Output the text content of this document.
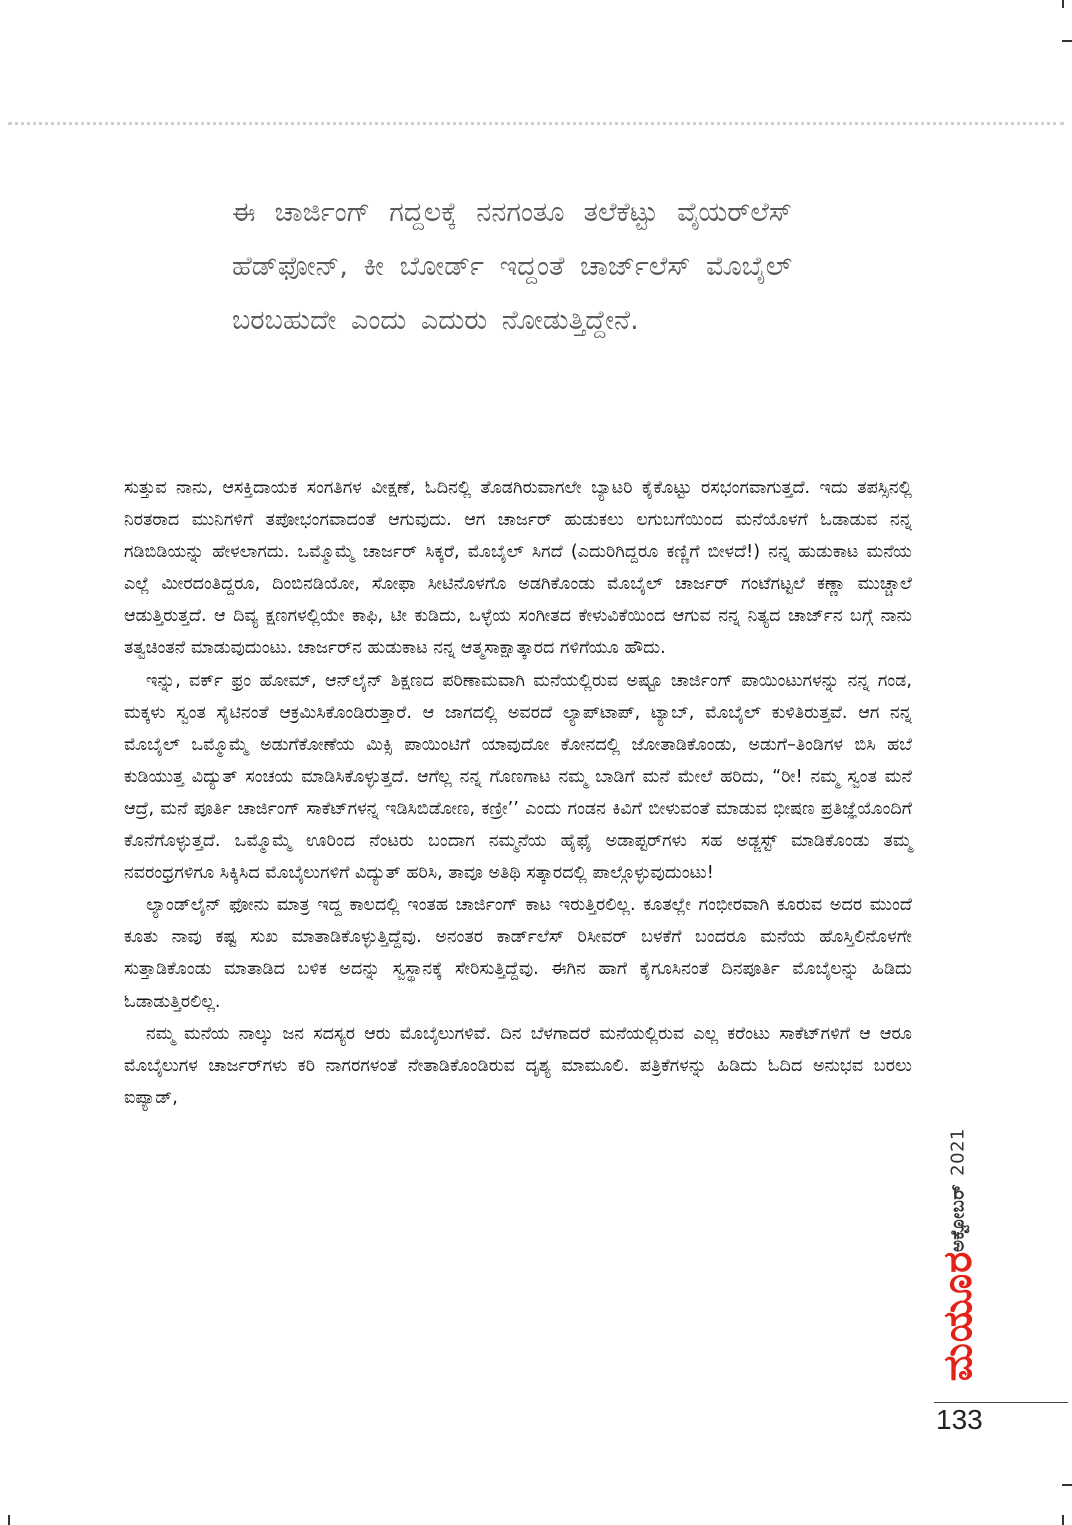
ಈ ಚಾರ್ಜಿಂಗ್ ಗದ್ದಲಕ್ಕೆ ನನಗಂತೂ ತಲೆಕೆಟ್ಟು ವೈಯರ್‌ಲೆಸ್ ಹೆಡ್‌ಫೋನ್, ಕೀ ಬೋರ್ಡ್ ಇದ್ದಂತೆ ಚಾರ್ಜ್‌ಲೆಸ್ ಮೊಬೈಲ್ ಬರಬಹುದೇ ಎಂದು ಎದುರು ನೋಡುತ್ತಿದ್ದೇನೆ.

ಸುತ್ತುವ ನಾನು, ಆಸಕ್ತಿದಾಯಕ ಸಂಗತಿಗಳ ವೀಕ್ಷಣೆ, ಓದಿನಲ್ಲಿ ತೊಡಗಿರುವಾಗಲೇ ಬ್ಯಾಟರಿ ಕೈಕೊಟ್ಟು ರಸಭಂಗವಾಗುತ್ತದೆ. ಇದು ತಪಸ್ಸಿನಲ್ಲಿ ನಿರತರಾದ ಮುನಿಗಳಿಗೆ ತಪೋಭಂಗವಾದಂತೆ ಆಗುವುದು. ಆಗ ಚಾರ್ಜರ್ ಹುಡುಕಲು ಲಗುಬಗೆಯಿಂದ ಮನೆಯೊಳಗೆ ಓಡಾಡುವ ನನ್ನ ಗಡಿಬಿಡಿಯನ್ನು ಹೇಳಲಾಗದು. ಒಮ್ಮೊಮ್ಮೆ ಚಾರ್ಜರ್ ಸಿಕ್ಕರೆ, ಮೊಬೈಲ್ ಸಿಗದೆ (ಎದುರಿಗಿದ್ದರೂ ಕಣ್ಣಿಗೆ ಬೀಳದೆ!) ನನ್ನ ಹುಡುಕಾಟ ಮನೆಯ ಎಲ್ಲೆ ಮೀರದಂತಿದ್ದರೂ, ದಿಂಬಿನಡಿಯೋ, ಸೋಫಾ ಸೀಟಿನೊಳಗೊ ಅಡಗಿಕೊಂಡು ಮೊಬೈಲ್ ಚಾರ್ಜರ್ ಗಂಟೆಗಟ್ಟಲೆ ಕಣ್ಣಾ ಮುಚ್ಚಾಲೆ ಆಡುತ್ತಿರುತ್ತದೆ. ಆ ದಿವ್ಯ ಕ್ಷಣಗಳಲ್ಲಿಯೇ ಕಾಫಿ, ಟೀ ಕುಡಿದು, ಒಳ್ಳೆಯ ಸಂಗೀತದ ಕೇಳುವಿಕೆಯಿಂದ ಆಗುವ ನನ್ನ ನಿತ್ಯದ ಚಾರ್ಜ್‌ನ ಬಗ್ಗೆ ನಾನು ತತ್ವಚಿಂತನೆ ಮಾಡುವುದುಂಟು. ಚಾರ್ಜರ್‌ನ ಹುಡುಕಾಟ ನನ್ನ ಆತ್ಮಸಾಕ್ಷಾತ್ಕಾರದ ಗಳಿಗೆಯೂ ಹೌದು.

ಇನ್ನು, ವರ್ಕ್ ಫ್ರಂ ಹೋಮ್, ಆನ್‌ಲೈನ್ ಶಿಕ್ಷಣದ ಪರಿಣಾಮವಾಗಿ ಮನೆಯಲ್ಲಿರುವ ಅಷ್ಟೂ ಚಾರ್ಜಿಂಗ್ ಪಾಯಿಂಟುಗಳನ್ನು ನನ್ನ ಗಂಡ, ಮಕ್ಕಳು ಸ್ವಂತ ಸೈಟಿನಂತೆ ಆಕ್ರಮಿಸಿಕೊಂಡಿರುತ್ತಾರೆ. ಆ ಜಾಗದಲ್ಲಿ ಅವರದೆ ಲ್ಯಾಪ್‌ಟಾಪ್, ಟ್ಯಾಬ್, ಮೊಬೈಲ್ ಕುಳಿತಿರುತ್ತವೆ. ಆಗ ನನ್ನ ಮೊಬೈಲ್ ಒಮ್ಮೊಮ್ಮೆ ಅಡುಗೆಕೋಣೆಯ ಮಿಕ್ಸಿ ಪಾಯಿಂಟಿಗೆ ಯಾವುದೋ ಕೋನದಲ್ಲಿ ಜೋತಾಡಿಕೊಂಡು, ಅಡುಗೆ–ತಿಂಡಿಗಳ ಬಿಸಿ ಹಬೆ ಕುಡಿಯುತ್ತ ವಿದ್ಯುತ್ ಸಂಚಯ ಮಾಡಿಸಿಕೊಳ್ಳುತ್ತದೆ. ಆಗೆಲ್ಲ ನನ್ನ ಗೊಣಗಾಟ ನಮ್ಮ ಬಾಡಿಗೆ ಮನೆ ಮೇಲೆ ಹರಿದು, “ರೀ! ನಮ್ಮ ಸ್ವಂತ ಮನೆ ಆದ್ರೆ, ಮನೆ ಪೂರ್ತಿ ಚಾರ್ಜಿಂಗ್ ಸಾಕೆಟ್‌ಗಳನ್ನ ಇಡಿಸಿಬಿಡೋಣ, ಕಣ್ರೀ’’ ಎಂದು ಗಂಡನ ಕಿವಿಗೆ ಬೀಳುವಂತೆ ಮಾಡುವ ಭೀಷಣ ಪ್ರತಿಜ್ಞೆಯೊಂದಿಗೆ ಕೊನೆಗೊಳ್ಳುತ್ತದೆ. ಒಮ್ಮೊಮ್ಮೆ ಊರಿಂದ ನೆಂಟರು ಬಂದಾಗ ನಮ್ಮನೆಯ ಹೈಫೈ ಅಡಾಪ್ಟರ್‌ಗಳು ಸಹ ಅಡ್ಜಸ್ಟ್ ಮಾಡಿಕೊಂಡು ತಮ್ಮ ನವರಂಧ್ರಗಳಿಗೂ ಸಿಕ್ಕಿಸಿದ ಮೊಬೈಲುಗಳಿಗೆ ವಿದ್ಯುತ್ ಹರಿಸಿ, ತಾವೂ ಅತಿಥಿ ಸತ್ಕಾರದಲ್ಲಿ ಪಾಲ್ಗೊಳ್ಳುವುದುಂಟು!

ಲ್ಯಾಂಡ್‌ಲೈನ್ ಫೋನು ಮಾತ್ರ ಇದ್ದ ಕಾಲದಲ್ಲಿ ಇಂತಹ ಚಾರ್ಜಿಂಗ್ ಕಾಟ ಇರುತ್ತಿರಲಿಲ್ಲ. ಕೂತಲ್ಲೇ ಗಂಭೀರವಾಗಿ ಕೂರುವ ಅದರ ಮುಂದೆ ಕೂತು ನಾವು ಕಷ್ಟ ಸುಖ ಮಾತಾಡಿಕೊಳ್ಳುತ್ತಿದ್ದೆವು. ಅನಂತರ ಕಾರ್ಡ್‌ಲೆಸ್ ರಿಸೀವರ್ ಬಳಕೆಗೆ ಬಂದರೂ ಮನೆಯ ಹೊಸ್ತಿಲಿನೊಳಗೇ ಸುತ್ತಾಡಿಕೊಂಡು ಮಾತಾಡಿದ ಬಳಿಕ ಅದನ್ನು ಸ್ವಸ್ಥಾನಕ್ಕೆ ಸೇರಿಸುತ್ತಿದ್ದೆವು. ಈಗಿನ ಹಾಗೆ ಕೈಗೂಸಿನಂತೆ ದಿನಪೂರ್ತಿ ಮೊಬೈಲನ್ನು ಹಿಡಿದು ಓಡಾಡುತ್ತಿರಲಿಲ್ಲ.

ನಮ್ಮ ಮನೆಯ ನಾಲ್ಕು ಜನ ಸದಸ್ಯರ ಆರು ಮೊಬೈಲುಗಳಿವೆ. ದಿನ ಬೆಳಗಾದರೆ ಮನೆಯಲ್ಲಿರುವ ಎಲ್ಲ ಕರೆಂಟು ಸಾಕೆಟ್‌ಗಳಿಗೆ ಆ ಆರೂ ಮೊಬೈಲುಗಳ ಚಾರ್ಜರ್‌ಗಳು ಕರಿ ನಾಗರಗಳಂತೆ ನೇತಾಡಿಕೊಂಡಿರುವ ದೃಶ್ಯ ಮಾಮೂಲಿ. ಪತ್ರಿಕೆಗಳನ್ನು ಹಿಡಿದು ಓದಿದ ಅನುಭವ ಬರಲು ಐಪ್ಯಾಡ್,

ಅಕ್ಟೋಬರ್2021
ಮಯೂರ
133
